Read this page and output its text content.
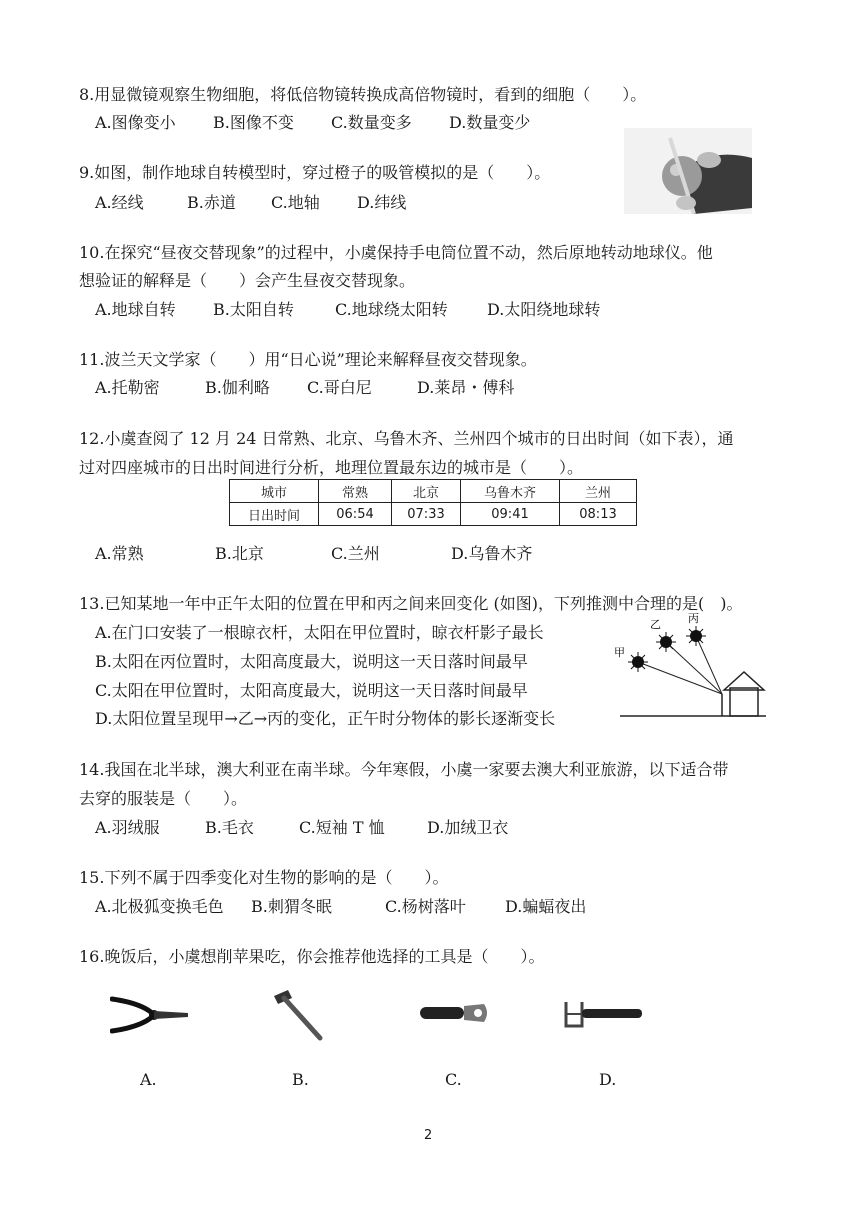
8.用显微镜观察生物细胞，将低倍物镜转换成高倍物镜时，看到的细胞（　　）。
A.图像变小 B.图像不变 C.数量变多 D.数量变少
9.如图，制作地球自转模型时，穿过橙子的吸管模拟的是（　　）。
A.经线	B.赤道 C.地轴 D.纬线
10.在探究“昼夜交替现象”的过程中，小虞保持手电筒位置不动，然后原地转动地球仪。他
想验证的解释是（　　）会产生昼夜交替现象。
A.地球自转 B.太阳自转	C.地球绕太阳转 D.太阳绕地球转
11.波兰天文学家（　　）用“日心说”理论来解释昼夜交替现象。
A.托勒密	B.伽利略 C.哥白尼	D.莱昂・傅科
12.小虞查阅了 12 月 24 日常熟、北京、乌鲁木齐、兰州四个城市的日出时间（如下表），通
过对四座城市的日出时间进行分析，地理位置最东边的城市是（　　）。
城市	常熟	北京	乌鲁木齐	兰州
日出时间	06:54	07:33	09:41	08:13
A.常熟	B.北京	C.兰州	D.乌鲁木齐
13.已知某地一年中正午太阳的位置在甲和丙之间来回变化 (如图)，下列推测中合理的是(　)。
A.在门口安装了一根晾衣杆，太阳在甲位置时，晾衣杆影子最长
B.太阳在丙位置时，太阳高度最大，说明这一天日落时间最早
C.太阳在甲位置时，太阳高度最大，说明这一天日落时间最早
D.太阳位置呈现甲→乙→丙的变化，正午时分物体的影长逐渐变长
甲
乙 丙
14.我国在北半球，澳大利亚在南半球。今年寒假，小虞一家要去澳大利亚旅游，以下适合带
去穿的服装是（　　）。
A.羽绒服	B.毛衣	C.短袖 T 恤	D.加绒卫衣
15.下列不属于四季变化对生物的影响的是（　　）。
A.北极狐变换毛色 B.刺猬冬眠	C.杨树落叶 D.蝙蝠夜出
16.晚饭后，小虞想削苹果吃，你会推荐他选择的工具是（　　）。
A.	B.	C.	D.
2
